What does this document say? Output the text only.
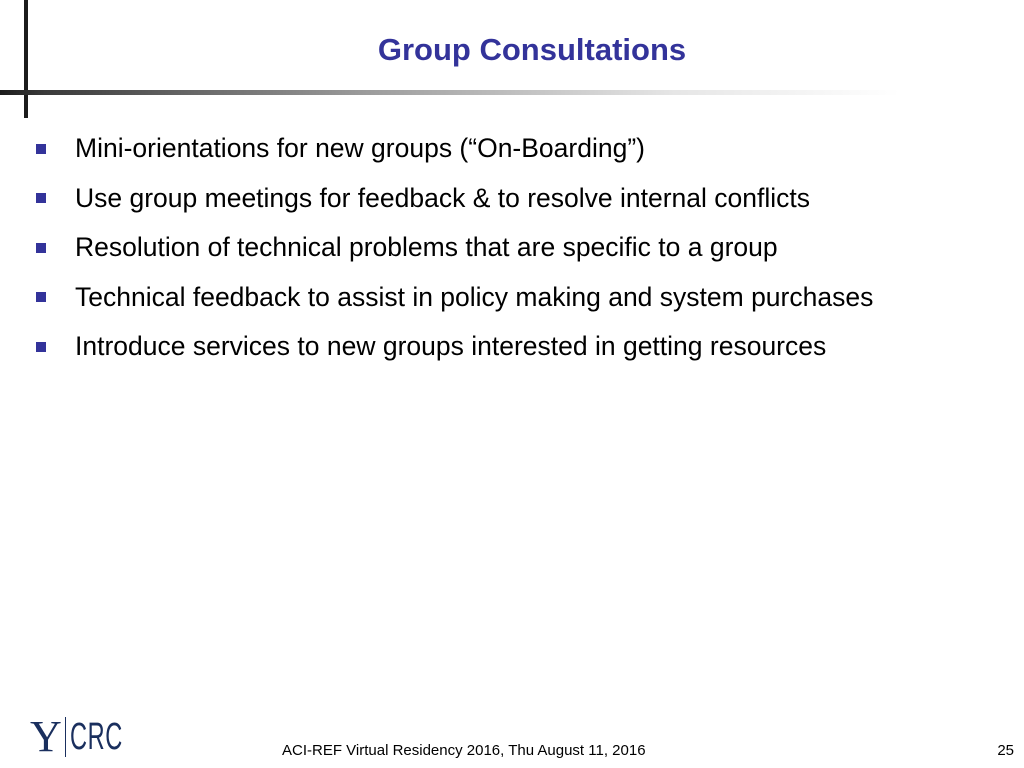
Group Consultations
Mini-orientations for new groups (“On-Boarding”)
Use group meetings for feedback & to resolve internal conflicts
Resolution of technical problems that are specific to a group
Technical feedback to assist in policy making and system purchases
Introduce services to new groups interested in getting resources
Y CRC	ACI-REF Virtual Residency 2016, Thu August 11, 2016	25
